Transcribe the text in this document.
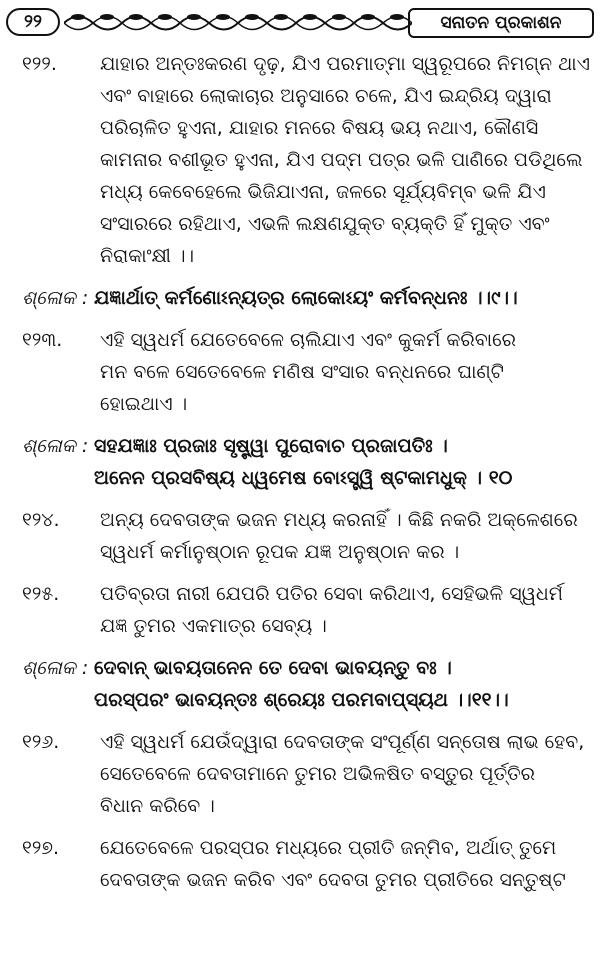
୨୨	ସନାତନ ପ୍ରକାଶନ
୧୨୨.	ଯାହାର ଅନ୍ତଃକରଣ ଦୃଢ଼, ଯିଏ ପରମାତ୍ମା ସ୍ୱରୂପରେ ନିମଗ୍ନ ଥାଏ
ଏବଂ ବାହାରେ ଲୋକାଚାର ଅନୁସାରେ ଚଳେ, ଯିଏ ଇନ୍ଦ୍ରିୟ ଦ୍ୱାରା
ପରିଚାଳିତ ହୁଏନା, ଯାହାର ମନରେ ବିଷୟ ଭୟ ନଥାଏ, କୌଣସି
କାମନାର ବଶୀଭୂତ ହୁଏନା, ଯିଏ ପଦ୍ମ ପତ୍ର ଭଳି ପାଣିରେ ପଡିଥିଲେ
ମଧ୍ୟ କେବେହେଲେ ଭିଜିଯାଏନା, ଜଳରେ ସୂର୍ଯ୍ୟବିମ୍ବ ଭଳି ଯିଏ
ସଂସାରରେ ରହିଥାଏ, ଏଭଳି ଲକ୍ଷଣଯୁକ୍ତ ବ୍ୟକ୍ତି ହିଁ ମୁକ୍ତ ଏବଂ
ନିରାକାଂକ୍ଷୀ ।।
ଶ୍ଳୋକ : ଯଜ୍ଞାର୍ଥାତ୍ କର୍ମଣୋଽନ୍ୟତ୍ର ଲୋକୋଽୟଂ କର୍ମବନ୍ଧନଃ ।।୯।।
୧୨୩.	ଏହି ସ୍ୱଧର୍ମ ଯେତେବେଳେ ଚାଲିଯାଏ ଏବଂ କୁକର୍ମ କରିବାରେ
ମନ ବଳେ ସେତେବେଳେ ମଣିଷ ସଂସାର ବନ୍ଧନରେ ଘାଣ୍ଟି
ହୋଇଥାଏ ।
ଶ୍ଳୋକ : ସହଯଜ୍ଞାଃ ପ୍ରଜାଃ ସୃଷ୍ଟ୍ୱା ପୁରୋବାଚ ପ୍ରଜାପତିଃ ।
ଅନେନ ପ୍ରସବିଷ୍ୟ ଧ୍ୱମେଷ ବୋଽସ୍ତ୍ୱି ଷ୍ଟକାମଧୁକ୍ । ୧୦
୧୨୪.	ଅନ୍ୟ ଦେବତାଙ୍କ ଭଜନ ମଧ୍ୟ କରନାହିଁ । କିଛି ନକରି ଅକ୍ଳେଶରେ
ସ୍ୱଧର୍ମ କର୍ମାନୁଷ୍ଠାନ ରୂପକ ଯଜ୍ଞ ଅନୁଷ୍ଠାନ କର ।
୧୨୫.	ପତିବ୍ରତା ନାରୀ ଯେପରି ପତିର ସେବା କରିଥାଏ, ସେହିଭଳି ସ୍ୱଧର୍ମ
ଯଜ୍ଞ ତୁମର ଏକମାତ୍ର ସେବ୍ୟ ।
ଶ୍ଳୋକ : ଦେବାନ୍ ଭାବୟତାନେନ ତେ ଦେବା ଭାବୟନ୍ତୁ ବଃ ।
ପରସ୍ପରଂ ଭାବୟନ୍ତଃ ଶ୍ରେୟଃ ପରମବାପ୍ସ୍ୟଥ ।।୧୧।।
୧୨୬.	ଏହି ସ୍ୱଧର୍ମ ଯେଉଁଦ୍ୱାରା ଦେବତାଙ୍କ ସଂପୂର୍ଣ୍ଣ ସନ୍ତୋଷ ଲାଭ ହେବ,
ସେତେବେଳେ ଦେବତାମାନେ ତୁମର ଅଭିଳଷିତ ବସ୍ତୁର ପୂର୍ତ୍ତିର
ବିଧାନ କରିବେ ।
୧୨୭.	ଯେତେବେଳେ ପରସ୍ପର ମଧ୍ୟରେ ପ୍ରୀତି ଜନ୍ମିବ, ଅର୍ଥାତ୍ ତୁମେ
ଦେବତାଙ୍କ ଭଜନ କରିବ ଏବଂ ଦେବତା ତୁମର ପ୍ରୀତିରେ ସନ୍ତୁଷ୍ଟ
